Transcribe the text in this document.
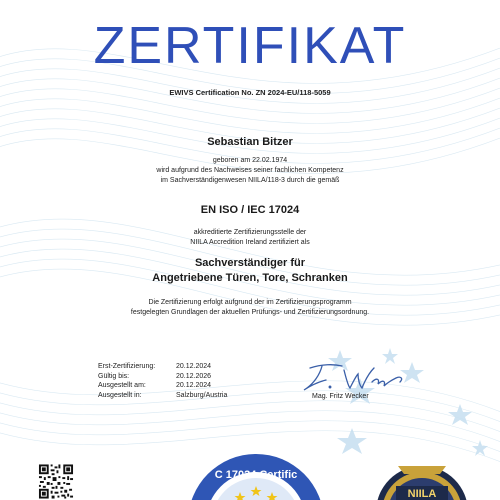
ZERTIFIKAT
EWIVS Certification No. ZN 2024-EU/118-5059
Sebastian Bitzer
geboren am 22.02.1974
wird aufgrund des Nachweises seiner fachlichen Kompetenz
im Sachverständigenwesen NIILA/118-3 durch die gemäß
EN ISO / IEC 17024
akkreditierte Zertifizierungsstelle der
NIILA Accredition Ireland zertifiziert als
Sachverständiger für
Angetriebene Türen, Tore, Schranken
Die Zertifizierung erfolgt aufgrund der im Zertifizierungsprogramm
festgelegten Grundlagen der aktuellen Prüfungs- und Zertifizierungsordnung.
Erst-Zertifizierung:	20.12.2024
Gültig bis:	20.12.2026
Ausgestellt am:	20.12.2024
Ausgestellt in:	Salzburg/Austria	Mag. Fritz Wecker
C 17024 Certific
NIILA
